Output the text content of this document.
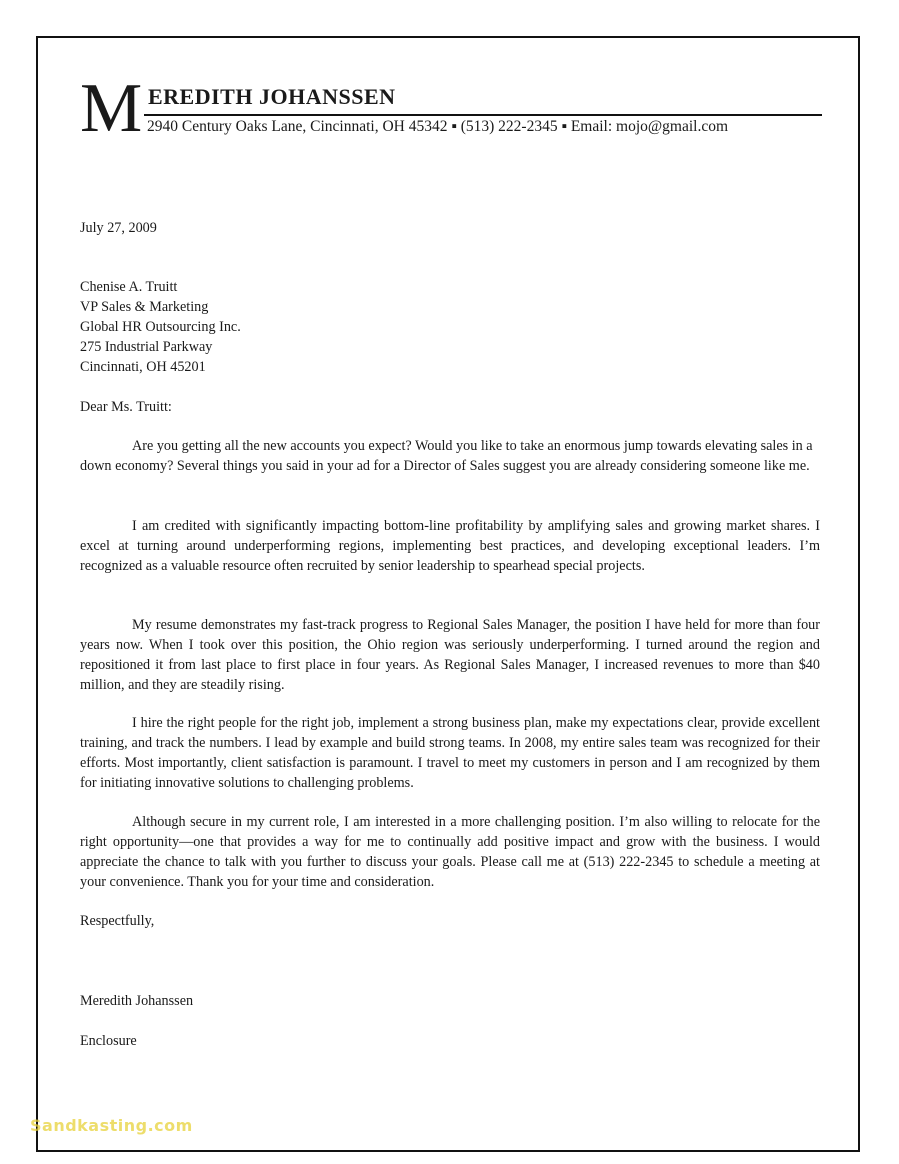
M EREDITH JOHANSSEN
2940 Century Oaks Lane, Cincinnati, OH 45342 ▪ (513) 222-2345 ▪ Email: mojo@gmail.com
July 27, 2009
Chenise A. Truitt
VP Sales & Marketing
Global HR Outsourcing Inc.
275 Industrial Parkway
Cincinnati, OH 45201
Dear Ms. Truitt:
Are you getting all the new accounts you expect? Would you like to take an enormous jump towards elevating sales in a down economy? Several things you said in your ad for a Director of Sales suggest you are already considering someone like me.
I am credited with significantly impacting bottom-line profitability by amplifying sales and growing market shares. I excel at turning around underperforming regions, implementing best practices, and developing exceptional leaders. I’m recognized as a valuable resource often recruited by senior leadership to spearhead special projects.
My resume demonstrates my fast-track progress to Regional Sales Manager, the position I have held for more than four years now. When I took over this position, the Ohio region was seriously underperforming. I turned around the region and repositioned it from last place to first place in four years. As Regional Sales Manager, I increased revenues to more than $40 million, and they are steadily rising.
I hire the right people for the right job, implement a strong business plan, make my expectations clear, provide excellent training, and track the numbers. I lead by example and build strong teams. In 2008, my entire sales team was recognized for their efforts. Most importantly, client satisfaction is paramount. I travel to meet my customers in person and I am recognized by them for initiating innovative solutions to challenging problems.
Although secure in my current role, I am interested in a more challenging position. I’m also willing to relocate for the right opportunity—one that provides a way for me to continually add positive impact and grow with the business. I would appreciate the chance to talk with you further to discuss your goals. Please call me at (513) 222-2345 to schedule a meeting at your convenience. Thank you for your time and consideration.
Respectfully,
Meredith Johanssen
Enclosure
Sandkasting.com
